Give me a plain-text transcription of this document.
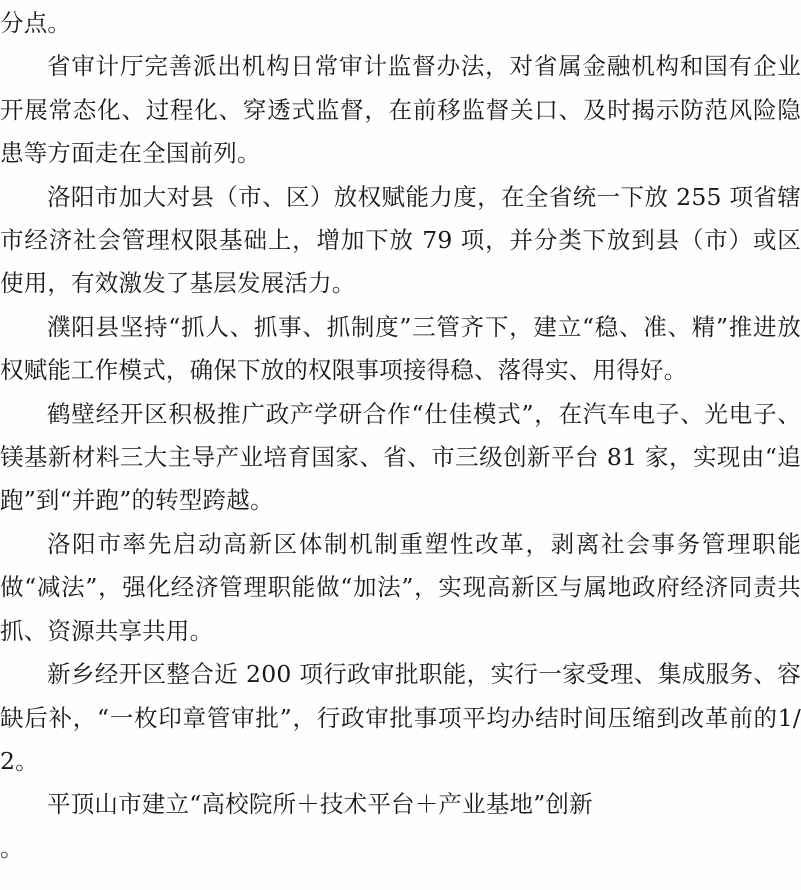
分点。

省审计厅完善派出机构日常审计监督办法，对省属金融机构和国有企业开展常态化、过程化、穿透式监督，在前移监督关口、及时揭示防范风险隐患等方面走在全国前列。

洛阳市加大对县（市、区）放权赋能力度，在全省统一下放 255 项省辖市经济社会管理权限基础上，增加下放 79 项，并分类下放到县（市）或区使用，有效激发了基层发展活力。

濮阳县坚持“抓人、抓事、抓制度”三管齐下，建立“稳、准、精”推进放权赋能工作模式，确保下放的权限事项接得稳、落得实、用得好。

鹤壁经开区积极推广政产学研合作“仕佳模式”，在汽车电子、光电子、镁基新材料三大主导产业培育国家、省、市三级创新平台 81 家，实现由“追跑”到“并跑”的转型跨越。

洛阳市率先启动高新区体制机制重塑性改革，剥离社会事务管理职能做“减法”，强化经济管理职能做“加法”，实现高新区与属地政府经济同责共抓、资源共享共用。

新乡经开区整合近 200 项行政审批职能，实行一家受理、集成服务、容缺后补，“一枚印章管审批”，行政审批事项平均办结时间压缩到改革前的1/2。

平顶山市建立“高校院所＋技术平台＋产业基地”创新

。
